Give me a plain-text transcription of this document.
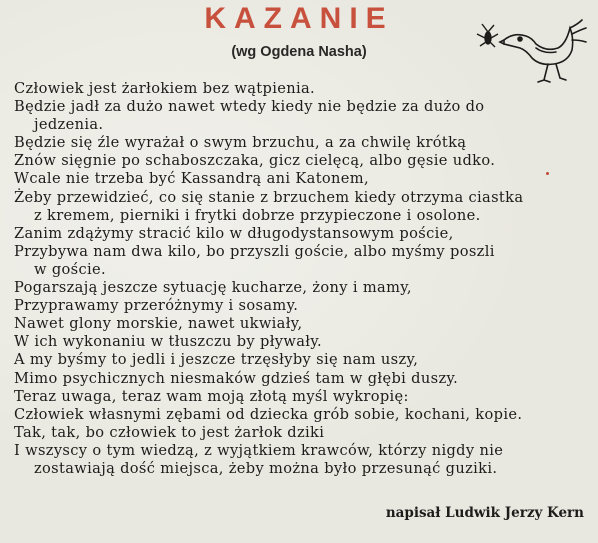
KAZANIE
(wg Ogdena Nasha)
Człowiek jest żarłokiem bez wątpienia.
Będzie jadł za dużo nawet wtedy kiedy nie będzie za dużo do
jedzenia.
Będzie się źle wyrażał o swym brzuchu, a za chwilę krótką
Znów sięgnie po schaboszczaka, gicz cielęcą, albo gęsie udko.
Wcale nie trzeba być Kassandrą ani Katonem,
Żeby przewidzieć, co się stanie z brzuchem kiedy otrzyma ciastka
z kremem, pierniki i frytki dobrze przypieczone i osolone.
Zanim zdążymy stracić kilo w długodystansowym poście,
Przybywa nam dwa kilo, bo przyszli goście, albo myśmy poszli
w goście.
Pogarszają jeszcze sytuację kucharze, żony i mamy,
Przyprawamy przeróżnymy i sosamy.
Nawet glony morskie, nawet ukwiały,
W ich wykonaniu w tłuszczu by pływały.
A my byśmy to jedli i jeszcze trzęsłyby się nam uszy,
Mimo psychicznych niesmaków gdzieś tam w głębi duszy.
Teraz uwaga, teraz wam moją złotą myśl wykropię:
Człowiek własnymi zębami od dziecka grób sobie, kochani, kopie.
Tak, tak, bo człowiek to jest żarłok dziki
I wszyscy o tym wiedzą, z wyjątkiem krawców, którzy nigdy nie
zostawiają dość miejsca, żeby można było przesunąć guziki.
napisał Ludwik Jerzy Kern
